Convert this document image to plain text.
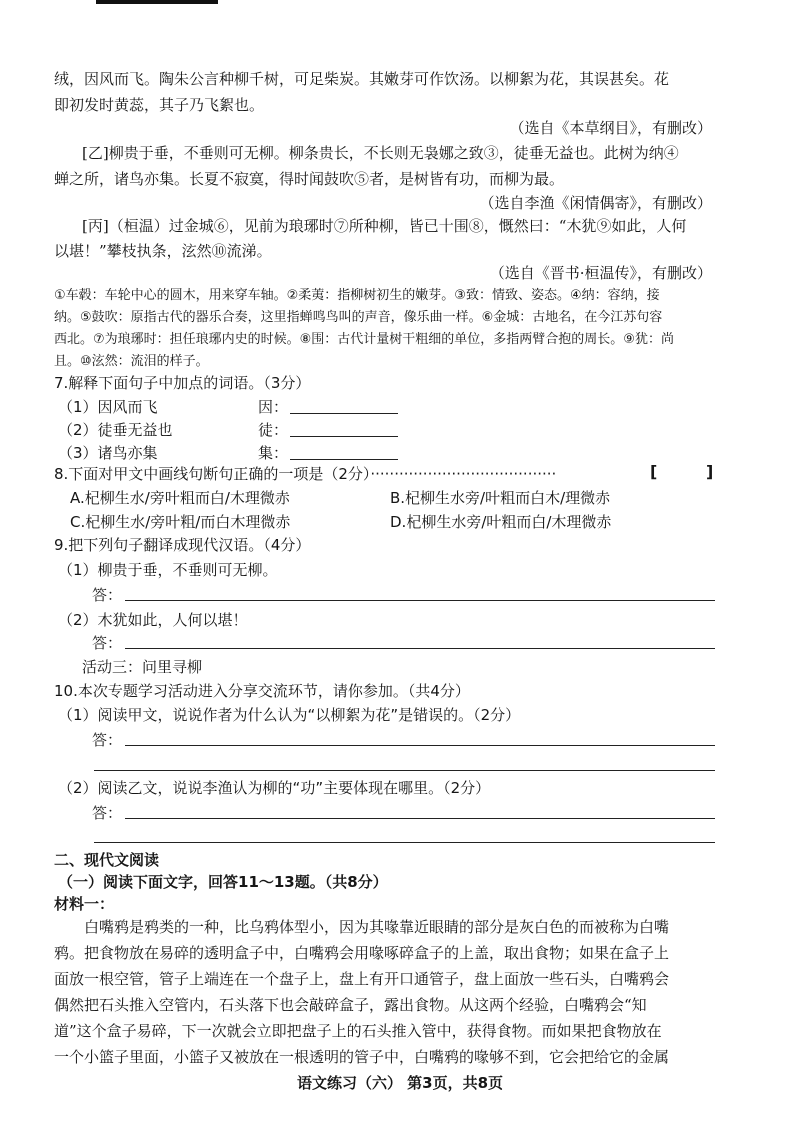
绒，因风而飞。陶朱公言种柳千树，可足柴炭。其嫩芽可作饮汤。以柳絮为花，其误甚矣。花
即初发时黄蕊，其子乃飞絮也。
（选自《本草纲目》，有删改）
[乙]柳贵于垂，不垂则可无柳。柳条贵长，不长则无袅娜之致③，徒垂无益也。此树为纳④
蝉之所，诸鸟亦集。长夏不寂寞，得时闻鼓吹⑤者，是树皆有功，而柳为最。
（选自李渔《闲情偶寄》，有删改）
[丙]（桓温）过金城⑥，见前为琅琊时⑦所种柳，皆已十围⑧，慨然曰：“木犹⑨如此，人何
以堪！”攀枝执条，泫然⑩流涕。
（选自《晋书·桓温传》，有删改）
①车毂：车轮中心的圆木，用来穿车轴。②柔荑：指柳树初生的嫩芽。③致：情致、姿态。④纳：容纳，接
纳。⑤鼓吹：原指古代的器乐合奏，这里指蝉鸣鸟叫的声音，像乐曲一样。⑥金城：古地名，在今江苏句容
西北。⑦为琅琊时：担任琅琊内史的时候。⑧围：古代计量树干粗细的单位，多指两臂合抱的周长。⑨犹：尚
且。⑩泫然：流泪的样子。
7.解释下面句子中加点的词语。（3分）
（1）因风而飞	因：
（2）徒垂无益也	徒：
（3）诸鸟亦集	集：
8.下面对甲文中画线句断句正确的一项是（2分）·······································	[	]
A.杞柳生水/旁叶粗而白/木理微赤	B.杞柳生水旁/叶粗而白木/理微赤
C.杞柳生水/旁叶粗/而白木理微赤	D.杞柳生水旁/叶粗而白/木理微赤
9.把下列句子翻译成现代汉语。（4分）
（1）柳贵于垂，不垂则可无柳。
答：
（2）木犹如此，人何以堪！
答：
活动三：问里寻柳
10.本次专题学习活动进入分享交流环节，请你参加。（共4分）
（1）阅读甲文，说说作者为什么认为“以柳絮为花”是错误的。（2分）
答：
（2）阅读乙文，说说李渔认为柳的“功”主要体现在哪里。（2分）
答：
二、现代文阅读
（一）阅读下面文字，回答11～13题。（共8分）
材料一：
白嘴鸦是鸦类的一种，比乌鸦体型小，因为其喙靠近眼睛的部分是灰白色的而被称为白嘴
鸦。把食物放在易碎的透明盒子中，白嘴鸦会用喙啄碎盒子的上盖，取出食物；如果在盒子上
面放一根空管，管子上端连在一个盘子上，盘上有开口通管子，盘上面放一些石头，白嘴鸦会
偶然把石头推入空管内，石头落下也会敲碎盒子，露出食物。从这两个经验，白嘴鸦会“知
道”这个盒子易碎，下一次就会立即把盘子上的石头推入管中，获得食物。而如果把食物放在
一个小篮子里面，小篮子又被放在一根透明的管子中，白嘴鸦的喙够不到，它会把给它的金属
语文练习（六） 第3页，共8页
